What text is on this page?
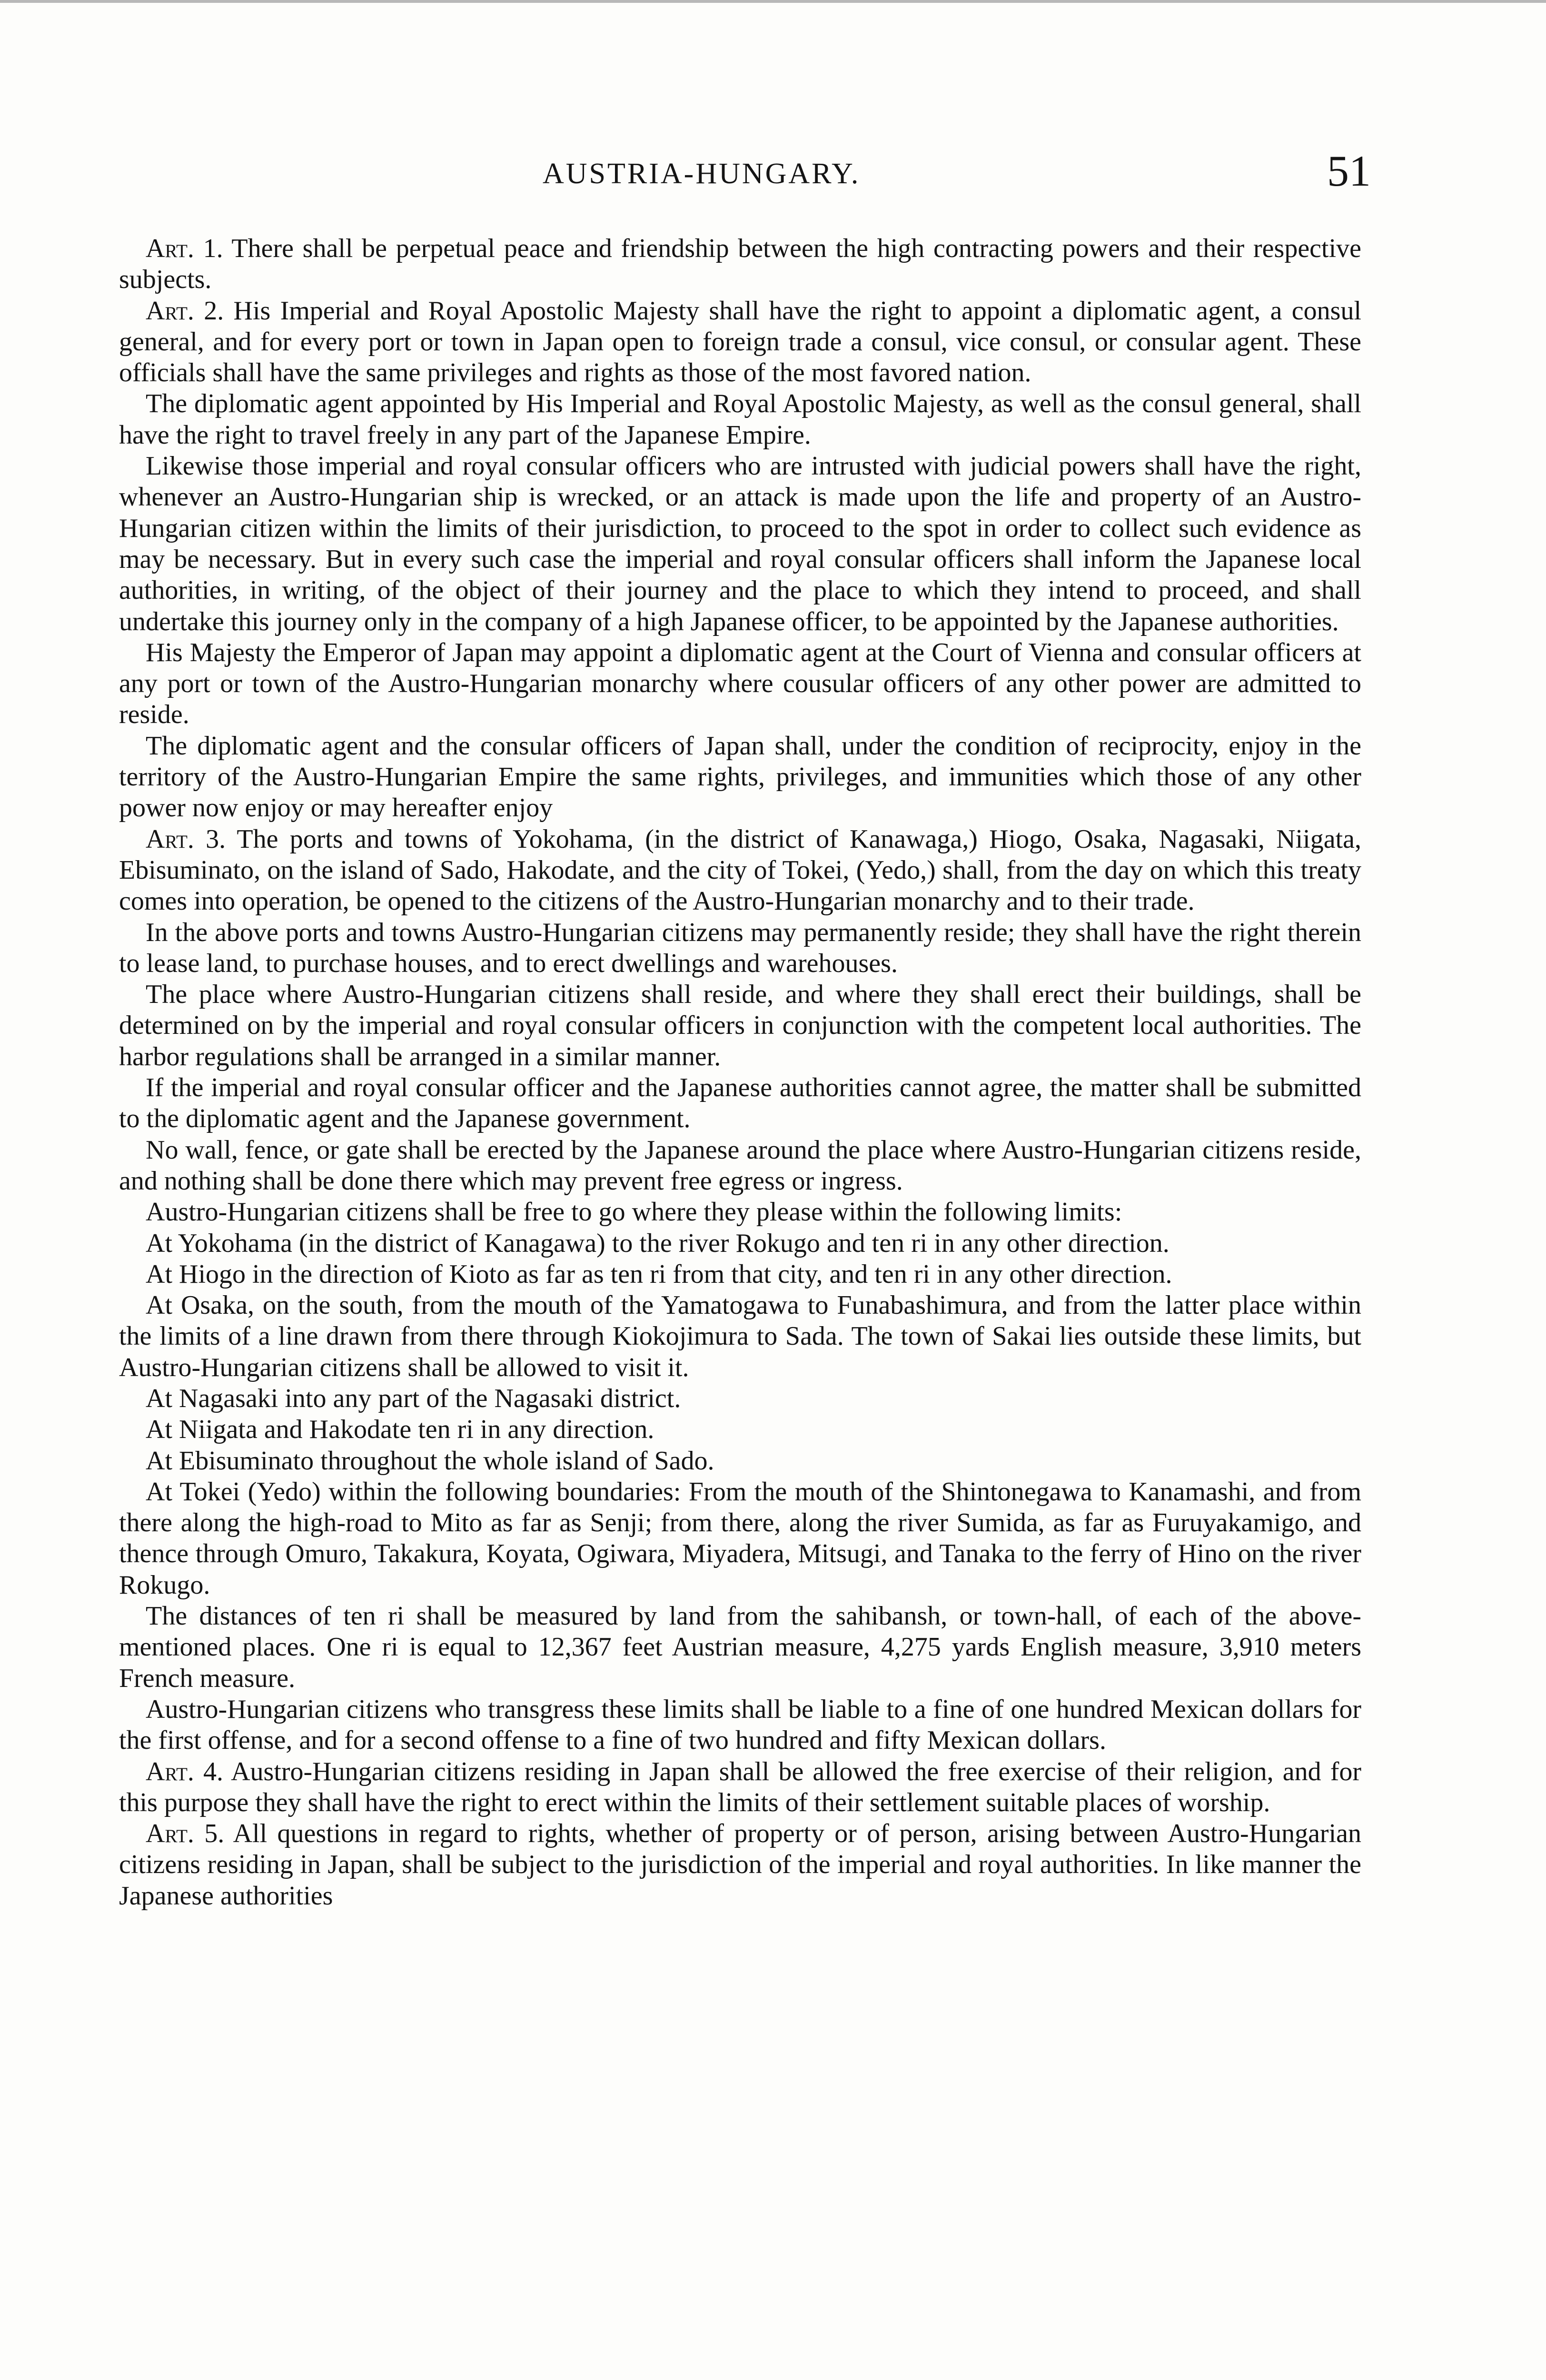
AUSTRIA-HUNGARY.	51

Art. 1. There shall be perpetual peace and friendship between the high contracting powers and their respective subjects.

Art. 2. His Imperial and Royal Apostolic Majesty shall have the right to appoint a diplomatic agent, a consul general, and for every port or town in Japan open to foreign trade a consul, vice consul, or consular agent. These officials shall have the same privileges and rights as those of the most favored nation.

The diplomatic agent appointed by His Imperial and Royal Apostolic Majesty, as well as the consul general, shall have the right to travel freely in any part of the Japanese Empire.

Likewise those imperial and royal consular officers who are intrusted with judicial powers shall have the right, whenever an Austro-Hungarian ship is wrecked, or an attack is made upon the life and property of an Austro-Hungarian citizen within the limits of their jurisdiction, to proceed to the spot in order to collect such evidence as may be necessary. But in every such case the imperial and royal consular officers shall inform the Japanese local authorities, in writing, of the object of their journey and the place to which they intend to proceed, and shall undertake this journey only in the company of a high Japanese officer, to be appointed by the Japanese authorities.

His Majesty the Emperor of Japan may appoint a diplomatic agent at the Court of Vienna and consular officers at any port or town of the Austro-Hungarian monarchy where cousular officers of any other power are admitted to reside.

The diplomatic agent and the consular officers of Japan shall, under the condition of reciprocity, enjoy in the territory of the Austro-Hungarian Empire the same rights, privileges, and immunities which those of any other power now enjoy or may hereafter enjoy

Art. 3. The ports and towns of Yokohama, (in the district of Kanawaga,) Hiogo, Osaka, Nagasaki, Niigata, Ebisuminato, on the island of Sado, Hakodate, and the city of Tokei, (Yedo,) shall, from the day on which this treaty comes into operation, be opened to the citizens of the Austro-Hungarian monarchy and to their trade.

In the above ports and towns Austro-Hungarian citizens may permanently reside; they shall have the right therein to lease land, to purchase houses, and to erect dwellings and warehouses.

The place where Austro-Hungarian citizens shall reside, and where they shall erect their buildings, shall be determined on by the imperial and royal consular officers in conjunction with the competent local authorities. The harbor regulations shall be arranged in a similar manner.

If the imperial and royal consular officer and the Japanese authorities cannot agree, the matter shall be submitted to the diplomatic agent and the Japanese government.

No wall, fence, or gate shall be erected by the Japanese around the place where Austro-Hungarian citizens reside, and nothing shall be done there which may prevent free egress or ingress.

Austro-Hungarian citizens shall be free to go where they please within the following limits:

At Yokohama (in the district of Kanagawa) to the river Rokugo and ten ri in any other direction.

At Hiogo in the direction of Kioto as far as ten ri from that city, and ten ri in any other direction.

At Osaka, on the south, from the mouth of the Yamatogawa to Funabashimura, and from the latter place within the limits of a line drawn from there through Kiokojimura to Sada. The town of Sakai lies outside these limits, but Austro-Hungarian citizens shall be allowed to visit it.

At Nagasaki into any part of the Nagasaki district.

At Niigata and Hakodate ten ri in any direction.

At Ebisuminato throughout the whole island of Sado.

At Tokei (Yedo) within the following boundaries: From the mouth of the Shintonegawa to Kanamashi, and from there along the high-road to Mito as far as Senji; from there, along the river Sumida, as far as Furuyakamigo, and thence through Omuro, Takakura, Koyata, Ogiwara, Miyadera, Mitsugi, and Tanaka to the ferry of Hino on the river Rokugo.

The distances of ten ri shall be measured by land from the sahibansh, or town-hall, of each of the above-mentioned places. One ri is equal to 12,367 feet Austrian measure, 4,275 yards English measure, 3,910 meters French measure.

Austro-Hungarian citizens who transgress these limits shall be liable to a fine of one hundred Mexican dollars for the first offense, and for a second offense to a fine of two hundred and fifty Mexican dollars.

Art. 4. Austro-Hungarian citizens residing in Japan shall be allowed the free exercise of their religion, and for this purpose they shall have the right to erect within the limits of their settlement suitable places of worship.

Art. 5. All questions in regard to rights, whether of property or of person, arising between Austro-Hungarian citizens residing in Japan, shall be subject to the jurisdiction of the imperial and royal authorities. In like manner the Japanese authorities
